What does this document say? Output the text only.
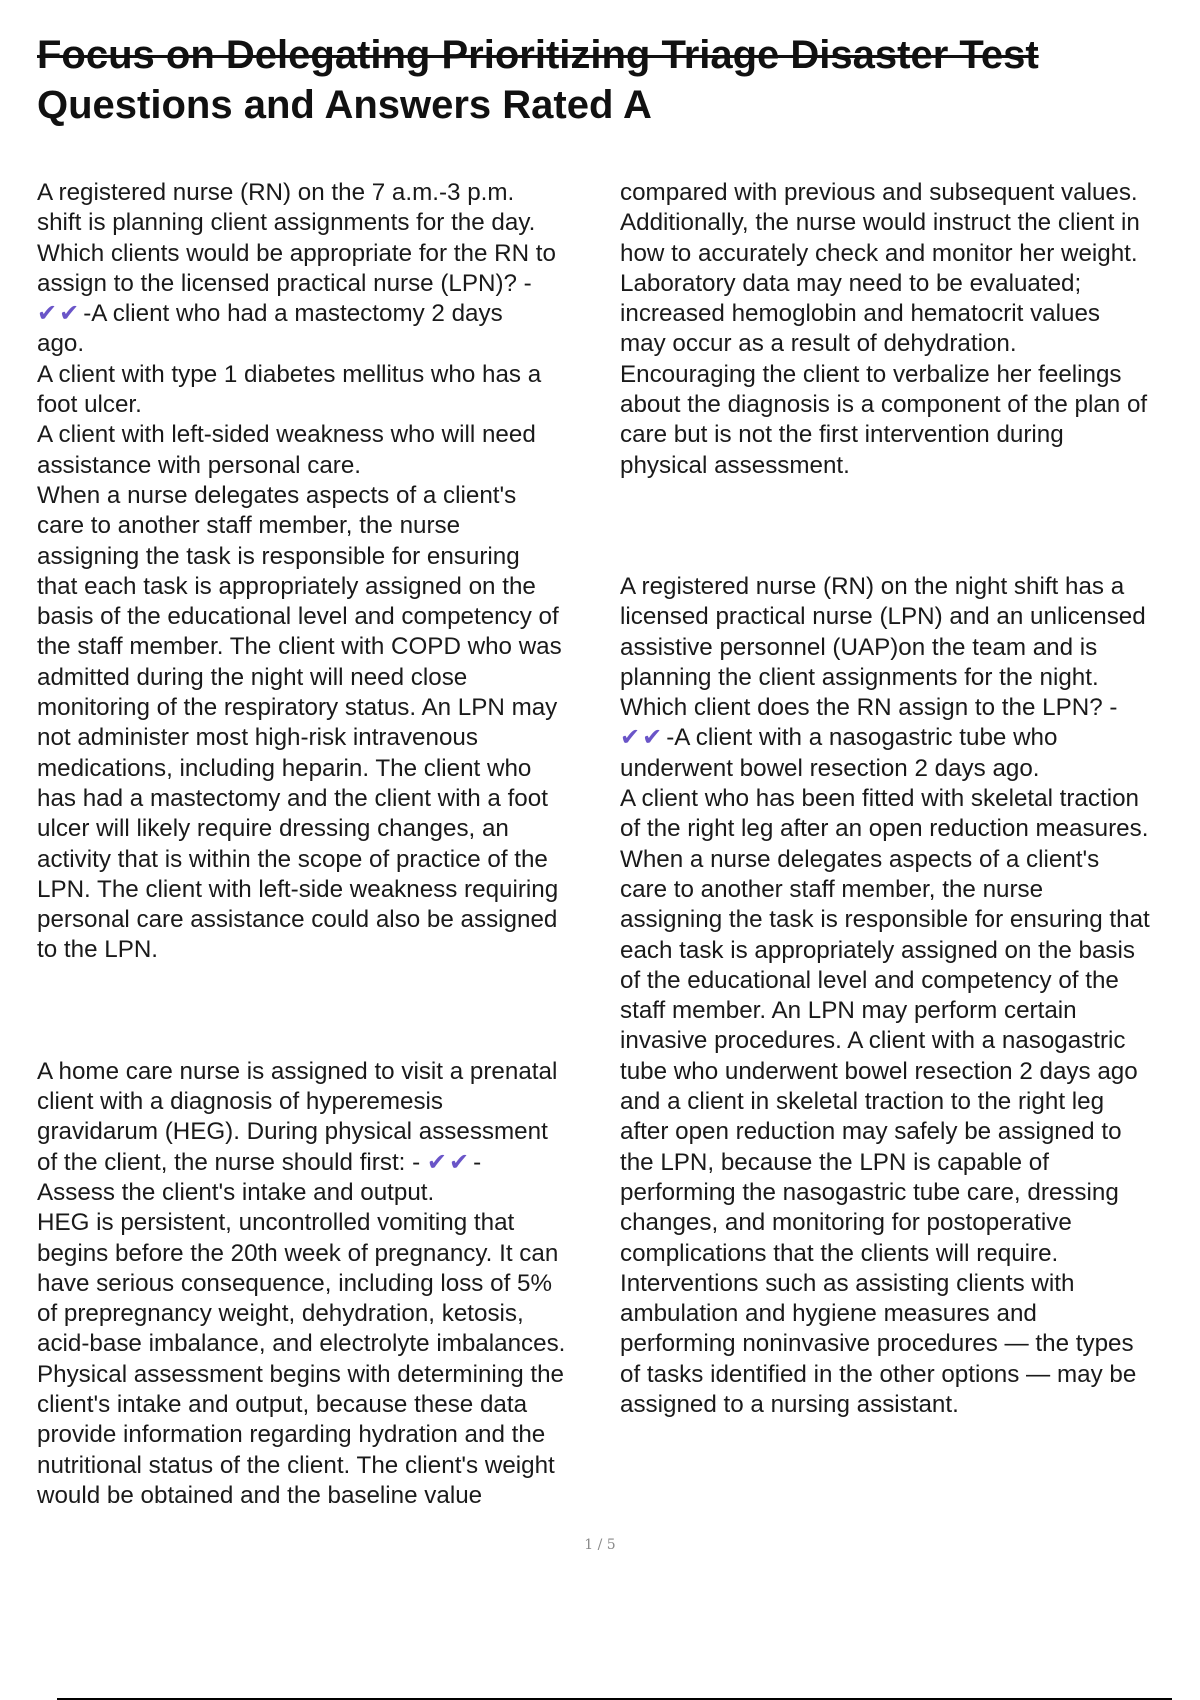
Focus on Delegating Prioritizing Triage Disaster Test
Questions and Answers Rated A
A registered nurse (RN) on the 7 a.m.-3 p.m.
shift is planning client assignments for the day.
Which clients would be appropriate for the RN to
assign to the licensed practical nurse (LPN)? -
✔✔-A client who had a mastectomy 2 days
ago.
A client with type 1 diabetes mellitus who has a
foot ulcer.
A client with left-sided weakness who will need
assistance with personal care.
When a nurse delegates aspects of a client's
care to another staff member, the nurse
assigning the task is responsible for ensuring
that each task is appropriately assigned on the
basis of the educational level and competency of
the staff member. The client with COPD who was
admitted during the night will need close
monitoring of the respiratory status. An LPN may
not administer most high-risk intravenous
medications, including heparin. The client who
has had a mastectomy and the client with a foot
ulcer will likely require dressing changes, an
activity that is within the scope of practice of the
LPN. The client with left-side weakness requiring
personal care assistance could also be assigned
to the LPN.
A home care nurse is assigned to visit a prenatal
client with a diagnosis of hyperemesis
gravidarum (HEG). During physical assessment
of the client, the nurse should first: - ✔✔-
Assess the client's intake and output.
HEG is persistent, uncontrolled vomiting that
begins before the 20th week of pregnancy. It can
have serious consequence, including loss of 5%
of prepregnancy weight, dehydration, ketosis,
acid-base imbalance, and electrolyte imbalances.
Physical assessment begins with determining the
client's intake and output, because these data
provide information regarding hydration and the
nutritional status of the client. The client's weight
would be obtained and the baseline value
compared with previous and subsequent values.
Additionally, the nurse would instruct the client in
how to accurately check and monitor her weight.
Laboratory data may need to be evaluated;
increased hemoglobin and hematocrit values
may occur as a result of dehydration.
Encouraging the client to verbalize her feelings
about the diagnosis is a component of the plan of
care but is not the first intervention during
physical assessment.
A registered nurse (RN) on the night shift has a
licensed practical nurse (LPN) and an unlicensed
assistive personnel (UAP)on the team and is
planning the client assignments for the night.
Which client does the RN assign to the LPN? -
✔✔-A client with a nasogastric tube who
underwent bowel resection 2 days ago.
A client who has been fitted with skeletal traction
of the right leg after an open reduction measures.
When a nurse delegates aspects of a client's
care to another staff member, the nurse
assigning the task is responsible for ensuring that
each task is appropriately assigned on the basis
of the educational level and competency of the
staff member. An LPN may perform certain
invasive procedures. A client with a nasogastric
tube who underwent bowel resection 2 days ago
and a client in skeletal traction to the right leg
after open reduction may safely be assigned to
the LPN, because the LPN is capable of
performing the nasogastric tube care, dressing
changes, and monitoring for postoperative
complications that the clients will require.
Interventions such as assisting clients with
ambulation and hygiene measures and
performing noninvasive procedures — the types
of tasks identified in the other options — may be
assigned to a nursing assistant.
1 / 5
